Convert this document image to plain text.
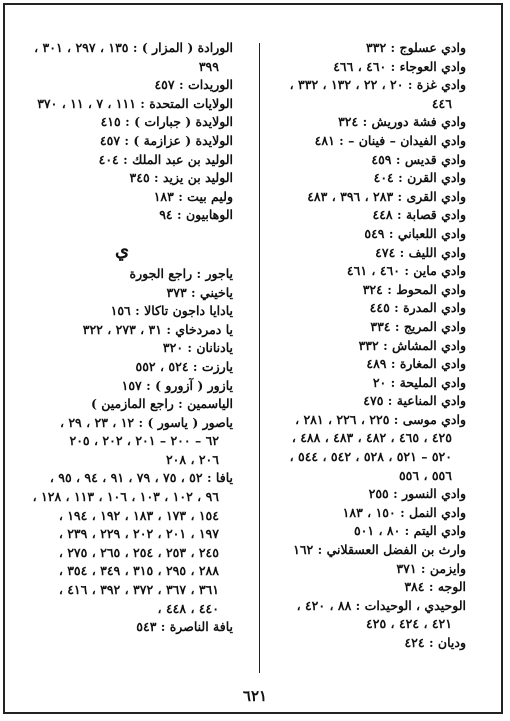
وادي عسلوج : ٣٣٢
وادي العوجاء : ٤٦٠ ، ٤٦٦
وادي غزة : ٢٠ ، ٢٢ ، ١٣٢ ، ٣٣٢ ،
٤٤٦
وادي فشة دوريش : ٣٢٤
وادي الفيدان – فينان – : ٤٨١
وادي قديس : ٤٥٩
وادي القرن : ٤٠٤
وادي القرى : ٢٨٣ ، ٣٩٦ ، ٤٨٣
وادي قصابة : ٤٤٨
وادي اللعباني : ٥٤٩
وادي الليف : ٤٧٤
وادي ماين : ٤٦٠ ، ٤٦١
وادي المحوط : ٣٢٤
وادي المدرة : ٤٤٥
وادي المريج : ٣٣٤
وادي المشاش : ٣٣٢
وادي المغارة : ٤٨٩
وادي المليحة : ٢٠
وادي المناعية : ٤٧٥
وادي موسى : ٢٢٥ ، ٢٢٦ ، ٢٨١ ،
٤٢٥ ، ٤٦٥ ، ٤٨٢ ، ٤٨٣ ، ٤٨٨ ،
٥٢٠ – ٥٢١ ، ٥٢٨ ، ٥٤٢ ، ٥٤٤ ،
٥٥٦ ، ٥٥٦
وادي النسور : ٢٥٥
وادي النمل : ١٥٠ ، ١٨٣
وادي اليتم : ٨٠ ، ٥٠١
وارث بن الفضل العسقلاني : ١٦٢
وايزمن : ٣٧١
الوجه : ٣٨٤
الوحيدي ، الوحيدات : ٨٨ ، ٤٢٠ ،
٤٢١ ، ٤٢٤ ، ٤٢٥
وديان : ٤٢٤
الورادة ( المزار ) : ١٣٥ ، ٢٩٧ ، ٣٠١ ،
٣٩٩
الوريدات : ٤٥٧
الولايات المتحدة : ١١١ ، ٧ ، ١١ ، ٣٧٠
الولايدة ( جبارات ) : ٤١٥
الولايدة ( عزازمة ) : ٤٥٧
الوليد بن عبد الملك : ٤٠٤
الوليد بن يزيد : ٣٤٥
وليم بيت : ١٨٣
الوهابيون : ٩٤
ي
ياجور : راجع الجورة
ياخيني : ٣٧٣
يادايا داجون تاكالا : ١٥٦
يا دمردخاي : ٣١ ، ٢٧٣ ، ٣٢٢
يادنانان : ٣٢٠
يارزت : ٥٢٤ ، ٥٥٢
يازور ( آزورو ) : ١٥٧
الياسمين : راجع المازمين )
ياصور ( ياسور ) : ١٢ ، ٢٣ ، ٢٩ ،
٦٢ – ٢٠٠ – ٢٠١ ، ٢٠٢ ، ٢٠٥
٢٠٦ ، ٢٠٨
يافا : ٥٢ ، ٧٥ ، ٧٩ ، ٩١ ، ٩٤ ، ٩٥ ،
٩٦ ، ١٠٢ ، ١٠٣ ، ١٠٦ ، ١١٣ ، ١٢٨ ،
١٥٤ ، ١٧٣ ، ١٨٣ ، ١٩٢ ، ١٩٤ ،
١٩٧ ، ٢٠١ ، ٢٠٢ ، ٢٢٩ ، ٢٣٩ ،
٢٤٥ ، ٢٥٣ ، ٢٥٤ ، ٢٦٥ ، ٢٧٥ ،
٢٨٨ ، ٢٩٥ ، ٣١٥ ، ٣٤٩ ، ٣٥٤ ،
٣٦١ ، ٣٦٧ ، ٣٧٢ ، ٣٩٢ ، ٤١٦ ،
٤٤٠ ، ٤٤٨ ،
يافة الناصرة : ٥٤٣
٦٢١
